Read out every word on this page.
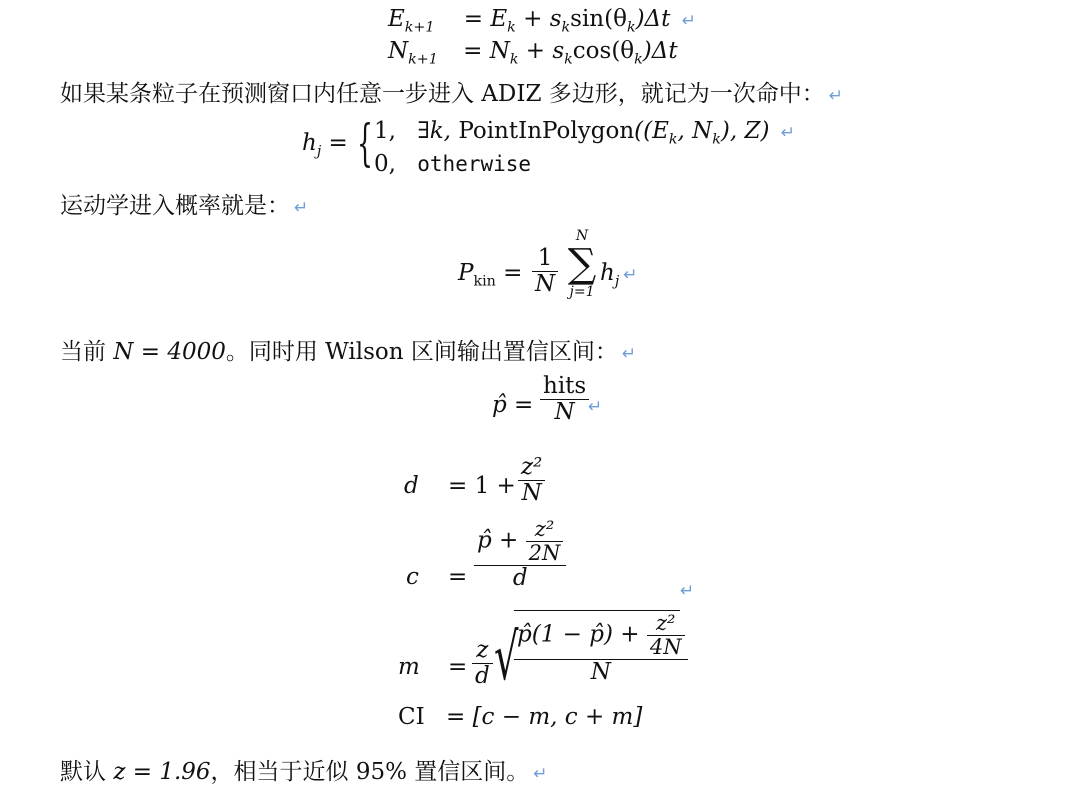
$E_{k+1} = E_k + s_k\sin(\theta_k)\Delta t$ ↵
$N_{k+1} = N_k + s_k\cos(\theta_k)\Delta t$
如果某条粒子在预测窗口内任意一步进入 ADIZ 多边形，就记为一次命中： ↵
$h_j$ = { 1, ∃k, $PointInPolygon((E_k$, $N_k$), Z) ↵
0, otherwise
运动学进入概率就是： ↵
$P_{kin} = \frac{1}{N}$
N
∑
j=1
$h_j$ ↵
当前 N = 4000。同时用 Wilson 区间输出置信区间： ↵
p̂ =
hits
N ↵
$d = 1 + \frac{\text{z²}}{N}$
$c = \frac{p̂ + \frac{\text{z²}}{2N}}{d}$	↵
$m = \frac{z}{d}$ √
$\frac{p̂(1 - p̂) + \frac{\text{z²}}{4N}}{N}$
CI = [c − m, c + m]
默认 z = 1.96，相当于近似 95% 置信区间。 ↵
